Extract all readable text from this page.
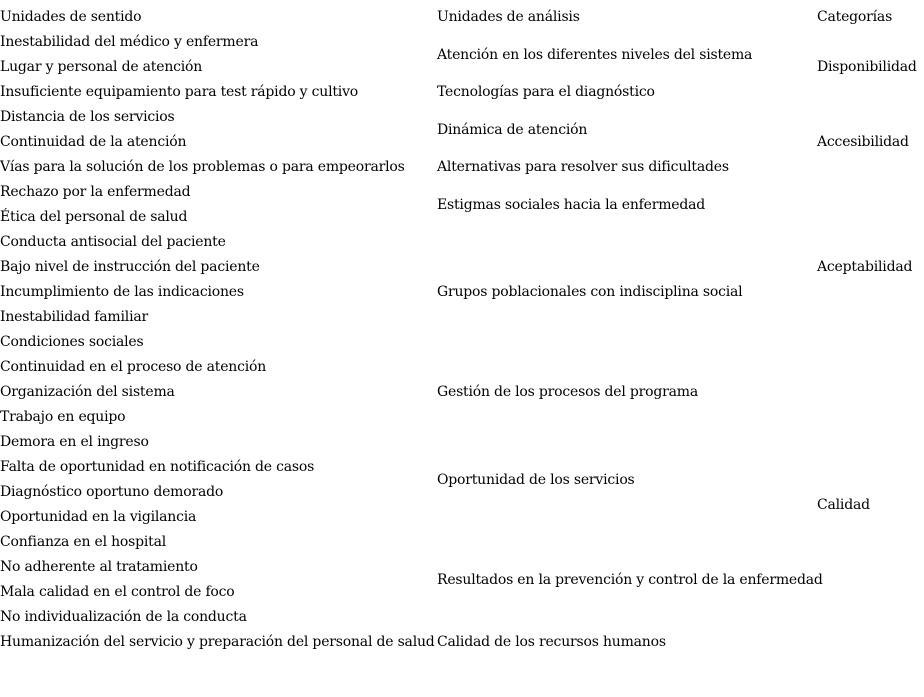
Unidades de sentido	Unidades de análisis	Categorías
Inestabilidad del médico y enfermera	Atención en los diferentes niveles del sistema	Disponibilidad
Lugar y personal de atención		
Insuficiente equipamiento para test rápido y cultivo	Tecnologías para el diagnóstico	
Distancia de los servicios	Dinámica de atención	Accesibilidad
Continuidad de la atención		
Vías para la solución de los problemas o para empeorarlos	Alternativas para resolver sus dificultades	
Rechazo por la enfermedad	Estigmas sociales hacia la enfermedad	Aceptabilidad
Ética del personal de salud		
Conducta antisocial del paciente	Grupos poblacionales con indisciplina social	
Bajo nivel de instrucción del paciente		
Incumplimiento de las indicaciones		
Inestabilidad familiar		
Condiciones sociales		
Continuidad en el proceso de atención	Gestión de los procesos del programa	Calidad
Organización del sistema		
Trabajo en equipo		
Demora en el ingreso	Oportunidad de los servicios	
Falta de oportunidad en notificación de casos		
Diagnóstico oportuno demorado		
Oportunidad en la vigilancia		
Confianza en el hospital	Resultados en la prevención y control de la enfermedad	
No adherente al tratamiento		
Mala calidad en el control de foco		
No individualización de la conducta		
Humanización del servicio y preparación del personal de salud	Calidad de los recursos humanos	
